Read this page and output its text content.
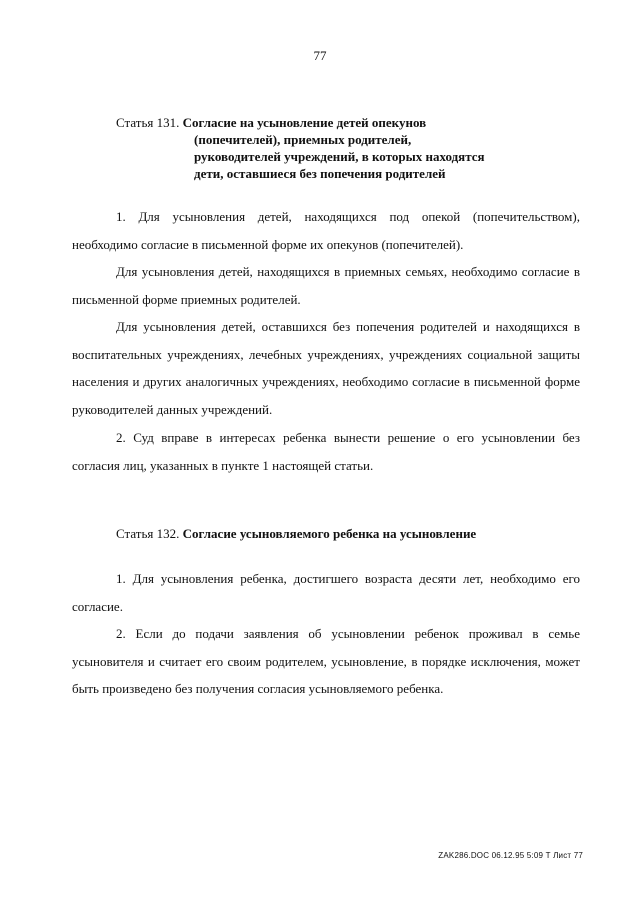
77
Статья 131. Согласие на усыновление детей опекунов
(попечителей), приемных родителей,
руководителей учреждений, в которых находятся
дети, оставшиеся без попечения родителей

1. Для усыновления детей, находящихся под опекой (попечительством), необходимо согласие в письменной форме их опекунов (попечителей).

Для усыновления детей, находящихся в приемных семьях, необходимо согласие в письменной форме приемных родителей.

Для усыновления детей, оставшихся без попечения родителей и находящихся в воспитательных учреждениях, лечебных учреждениях, учреждениях социальной защиты населения и других аналогичных учреждениях, необходимо согласие в письменной форме руководителей данных учреждений.

2. Суд вправе в интересах ребенка вынести решение о его усыновлении без согласия лиц, указанных в пункте 1 настоящей статьи.

Статья 132. Согласие усыновляемого ребенка на усыновление

1. Для усыновления ребенка, достигшего возраста десяти лет, необходимо его согласие.

2. Если до подачи заявления об усыновлении ребенок проживал в семье усыновителя и считает его своим родителем, усыновление, в порядке исключения, может быть произведено без получения согласия усыновляемого ребенка.

ZAK286.DOC 06.12.95 5:09 Т Лист 77
